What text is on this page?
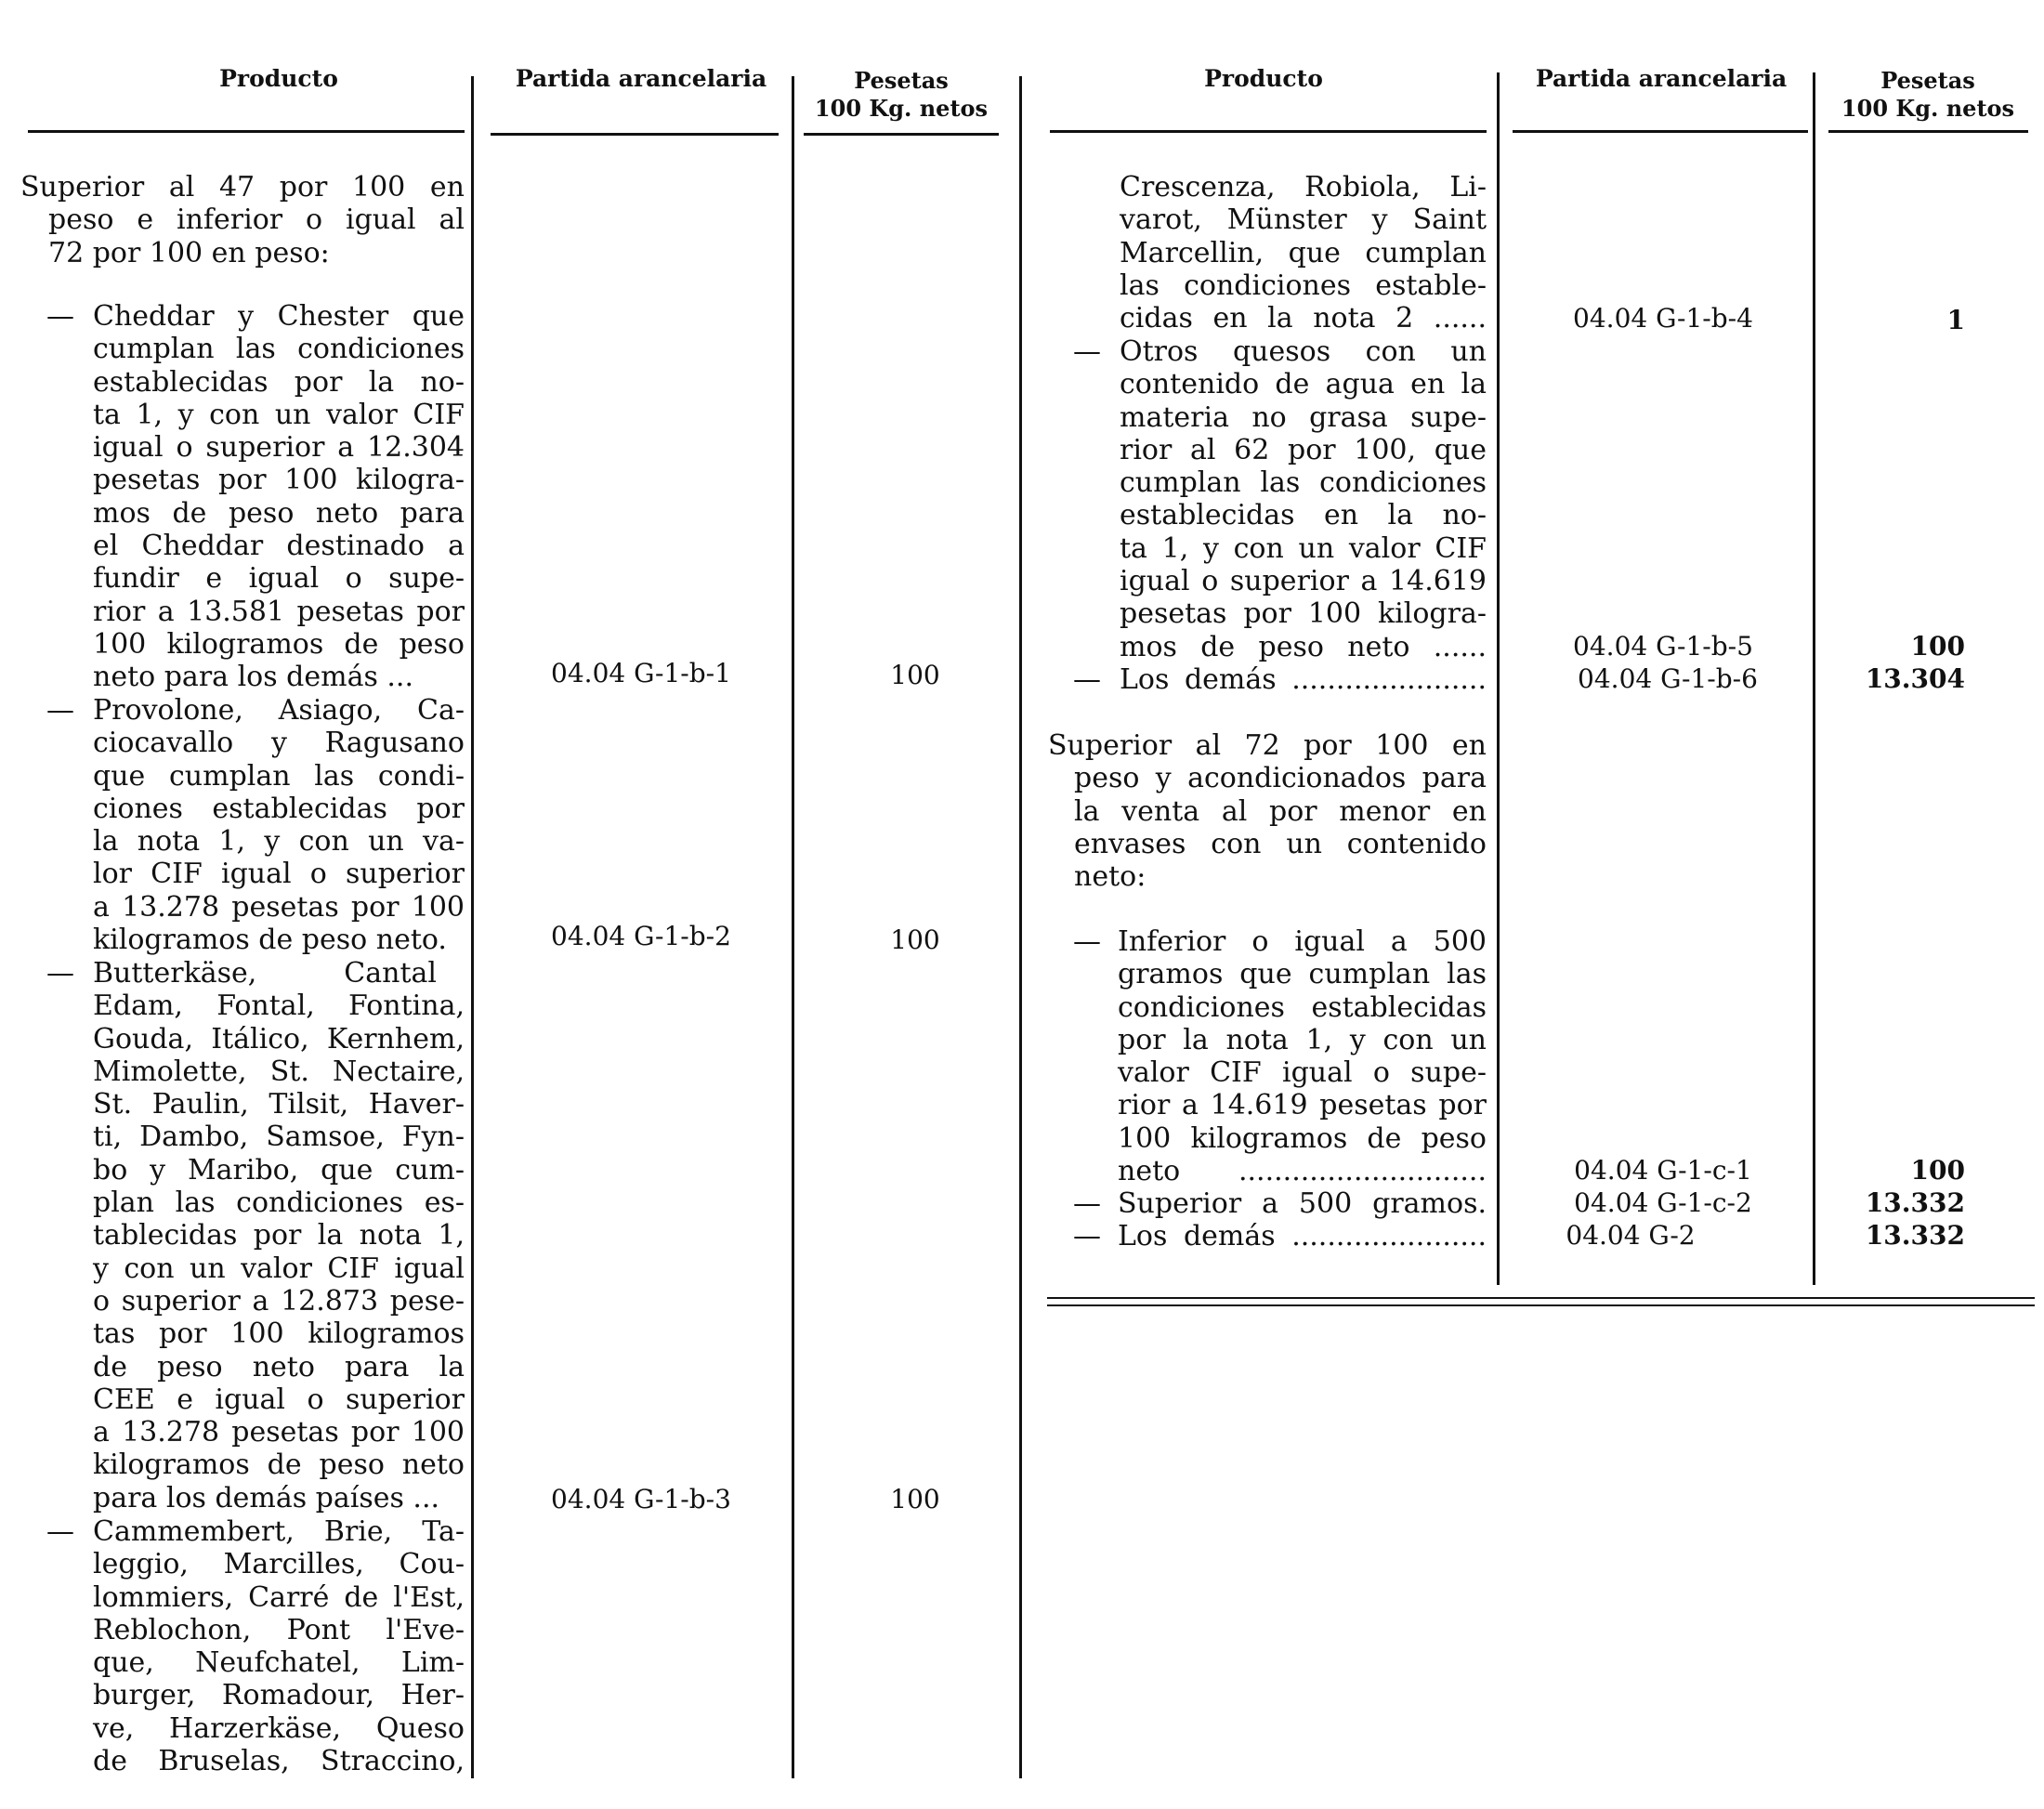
Producto	Partida arancelaria	Pesetas
100 Kg. netos
Producto	Partida arancelaria	Pesetas
100 Kg. netos
Superior al 47 por 100 en
peso e inferior o igual al
72 por 100 en peso:
— Cheddar y Chester que
cumplan las condiciones
establecidas por la no-
ta 1, y con un valor CIF
igual o superior a 12.304
pesetas por 100 kilogra-
mos de peso neto para
el Cheddar destinado a
fundir e igual o supe-
rior a 13.581 pesetas por
100 kilogramos de peso
neto para los demás ...	04.04 G-1-b-1	100
— Provolone, Asiago, Ca-
ciocavallo y Ragusano
que cumplan las condi-
ciones establecidas por
la nota 1, y con un va-
lor CIF igual o superior
a 13.278 pesetas por 100
kilogramos de peso neto.	04.04 G-1-b-2	100
— Butterkäse, Cantal
Edam, Fontal, Fontina,
Gouda, Itálico, Kernhem,
Mimolette, St. Nectaire,
St. Paulin, Tilsit, Haver-
ti, Dambo, Samsoe, Fyn-
bo y Maribo, que cum-
plan las condiciones es-
tablecidas por la nota 1,
y con un valor CIF igual
o superior a 12.873 pese-
tas por 100 kilogramos
de peso neto para la
CEE e igual o superior
a 13.278 pesetas por 100
kilogramos de peso neto
para los demás países ...	04.04 G-1-b-3	100
— Cammembert, Brie, Ta-
leggio, Marcilles, Cou-
lommiers, Carré de l'Est,
Reblochon, Pont l'Eve-
que, Neufchatel, Lim-
burger, Romadour, Her-
ve, Harzerkäse, Queso
de Bruselas, Straccino,
Crescenza, Robiola, Li-
varot, Münster y Saint
Marcellin, que cumplan
las condiciones estable-
cidas en la nota 2 ......	04.04 G-1-b-4	1
— Otros quesos con un
contenido de agua en la
materia no grasa supe-
rior al 62 por 100, que
cumplan las condiciones
establecidas en la no-
ta 1, y con un valor CIF
igual o superior a 14.619
pesetas por 100 kilogra-
mos de peso neto ......	04.04 G-1-b-5	100
— Los demás ......................	04.04 G-1-b-6	13.304
Superior al 72 por 100 en
peso y acondicionados para
la venta al por menor en
envases con un contenido
neto:
— Inferior o igual a 500
gramos que cumplan las
condiciones establecidas
por la nota 1, y con un
valor CIF igual o supe-
rior a 14.619 pesetas por
100 kilogramos de peso
neto ............................	04.04 G-1-c-1	100
— Superior a 500 gramos.	04.04 G-1-c-2	13.332
— Los demás ......................	04.04 G-2	13.332
